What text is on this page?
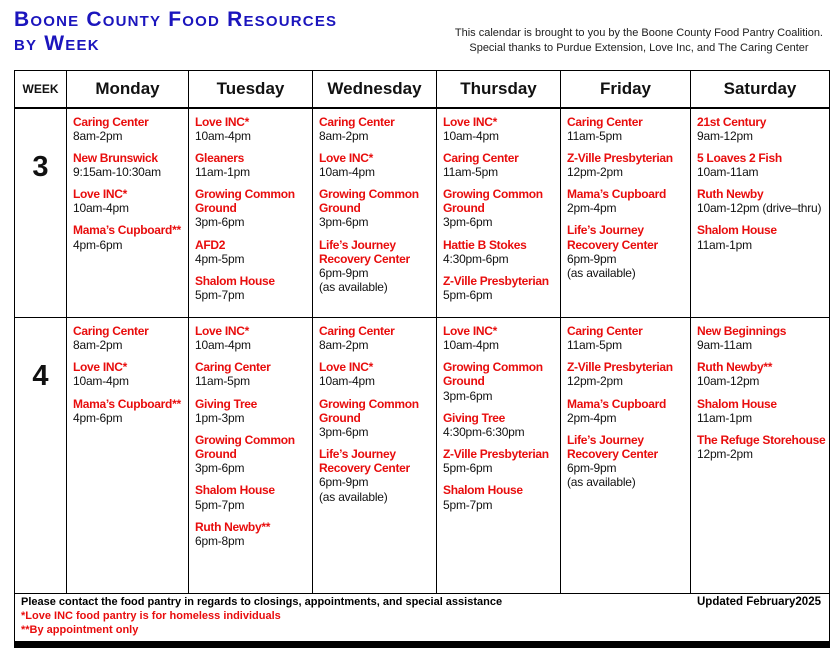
Boone County Food Resources
by Week	This calendar is brought to you by the Boone County Food Pantry Coalition.
Special thanks to Purdue Extension, Love Inc, and The Caring Center
WEEK	Monday	Tuesday	Wednesday	Thursday	Friday	Saturday
3	
Caring Center
8am-2pm
New Brunswick
9:15am-10:30am
Love INC*
10am-4pm
Mama’s Cupboard**
4pm-6pm

Love INC*
10am-4pm
Gleaners
11am-1pm
Growing Common Ground
3pm-6pm
AFD2
4pm-5pm
Shalom House
5pm-7pm

Caring Center
8am-2pm
Love INC*
10am-4pm
Growing Common Ground
3pm-6pm
Life’s Journey Recovery Center
6pm-9pm
(as available)

Love INC*
10am-4pm
Caring Center
11am-5pm
Growing Common Ground
3pm-6pm
Hattie B Stokes
4:30pm-6pm
Z-Ville Presbyterian
5pm-6pm

Caring Center
11am-5pm
Z-Ville Presbyterian
12pm-2pm
Mama’s Cupboard
2pm-4pm
Life’s Journey Recovery Center
6pm-9pm
(as available)

21st Century
9am-12pm
5 Loaves 2 Fish
10am-11am
Ruth Newby
10am-12pm (drive–thru)
Shalom House
11am-1pm

4	
Caring Center
8am-2pm
Love INC*
10am-4pm
Mama’s Cupboard**
4pm-6pm

Love INC*
10am-4pm
Caring Center
11am-5pm
Giving Tree
1pm-3pm
Growing Common Ground
3pm-6pm
Shalom House
5pm-7pm
Ruth Newby**
6pm-8pm

Caring Center
8am-2pm
Love INC*
10am-4pm
Growing Common Ground
3pm-6pm
Life’s Journey Recovery Center
6pm-9pm
(as available)

Love INC*
10am-4pm
Growing Common Ground
3pm-6pm
Giving Tree
4:30pm-6:30pm
Z-Ville Presbyterian
5pm-6pm
Shalom House
5pm-7pm

Caring Center
11am-5pm
Z-Ville Presbyterian
12pm-2pm
Mama’s Cupboard
2pm-4pm
Life’s Journey Recovery Center
6pm-9pm
(as available)

New Beginnings
9am-11am
Ruth Newby**
10am-12pm
Shalom House
11am-1pm
The Refuge Storehouse
12pm-2pm

Please contact the food pantry in regards to closings, appointments, and special assistance
*Love INC food pantry is for homeless individuals
**By appointment only
Updated February2025						
